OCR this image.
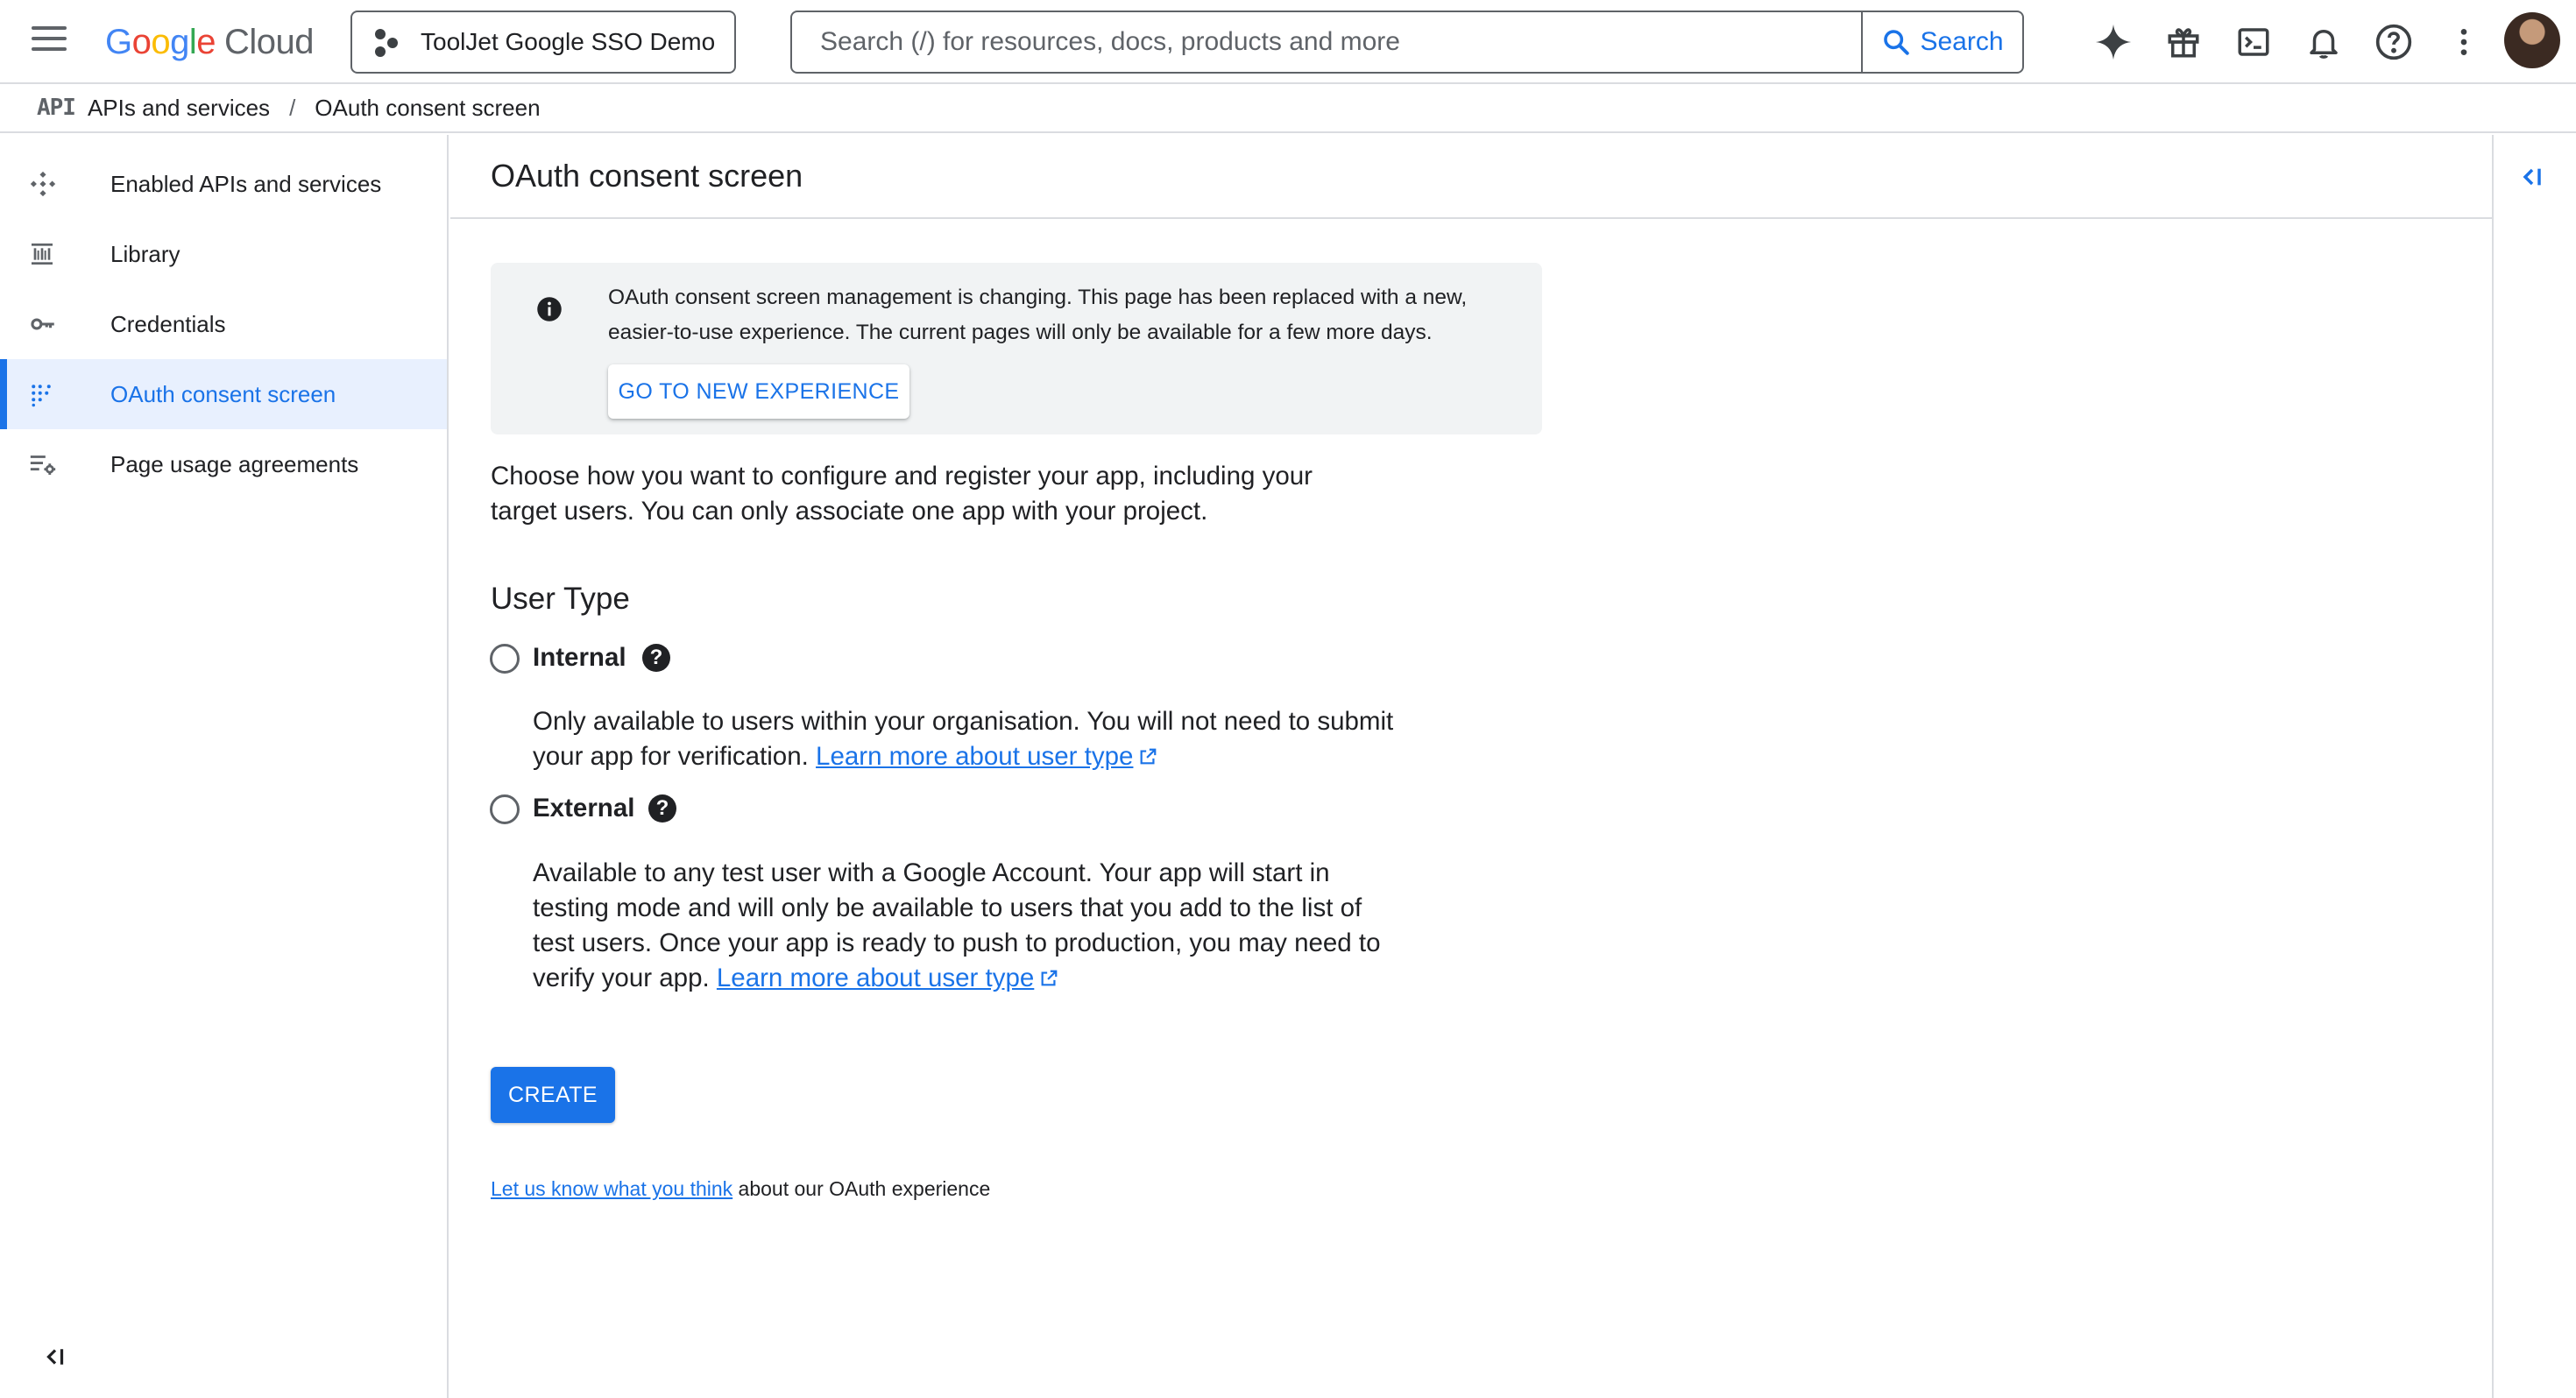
Google Cloud	ToolJet Google SSO Demo
Search (/) for resources, docs, products and more	Search
API APIs and services / OAuth consent screen
Enabled APIs and services
Library
Credentials
OAuth consent screen
Page usage agreements
OAuth consent screen
OAuth consent screen management is changing. This page has been replaced with a new, easier-to-use experience. The current pages will only be available for a few more days.
GO TO NEW EXPERIENCE
Choose how you want to configure and register your app, including your target users. You can only associate one app with your project.
User Type
Internal	?
Only available to users within your organisation. You will not need to submit your app for verification. Learn more about user type
External	?
Available to any test user with a Google Account. Your app will start in testing mode and will only be available to users that you add to the list of test users. Once your app is ready to push to production, you may need to verify your app. Learn more about user type
CREATE
Let us know what you think about our OAuth experience
